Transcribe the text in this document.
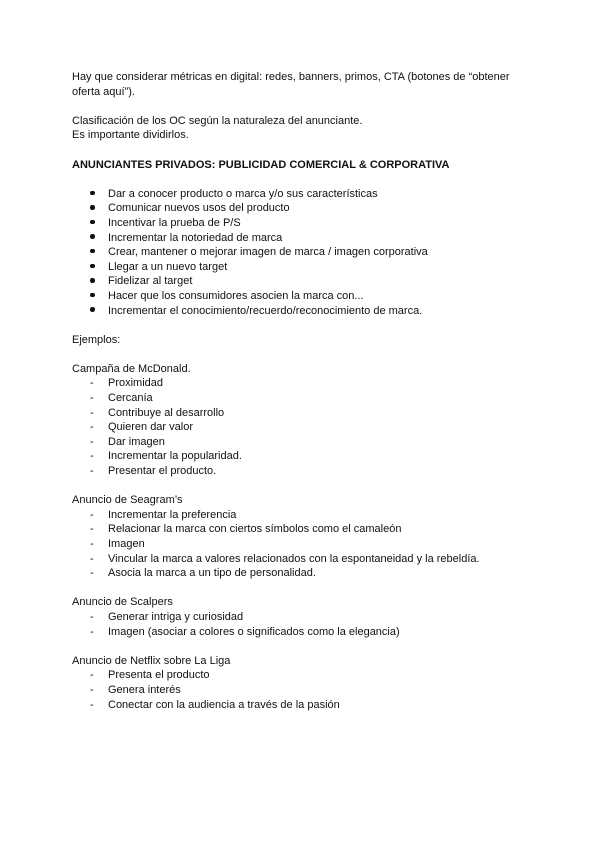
Hay que considerar métricas en digital: redes, banners, primos, CTA (botones de “obtener oferta aquí”).

Clasificación de los OC según la naturaleza del anunciante.

Es importante dividirlos.

ANUNCIANTES PRIVADOS: PUBLICIDAD COMERCIAL & CORPORATIVA

Dar a conocer producto o marca y/o sus características
Comunicar nuevos usos del producto
Incentivar la prueba de P/S
Incrementar la notoriedad de marca
Crear, mantener o mejorar imagen de marca / imagen corporativa
Llegar a un nuevo target
Fidelizar al target
Hacer que los consumidores asocien la marca con...
Incrementar el conocimiento/recuerdo/reconocimiento de marca.

Ejemplos:

Campaña de McDonald.

- Proximidad
- Cercanía
- Contribuye al desarrollo
- Quieren dar valor
- Dar imagen
- Incrementar la popularidad.
- Presentar el producto.

Anuncio de Seagram’s

- Incrementar la preferencia
- Relacionar la marca con ciertos símbolos como el camaleón
- Imagen
- Vincular la marca a valores relacionados con la espontaneidad y la rebeldía.
- Asocia la marca a un tipo de personalidad.

Anuncio de Scalpers

- Generar intriga y curiosidad
- Imagen (asociar a colores o significados como la elegancia)

Anuncio de Netflix sobre La Liga

- Presenta el producto
- Genera interés
- Conectar con la audiencia a través de la pasión
